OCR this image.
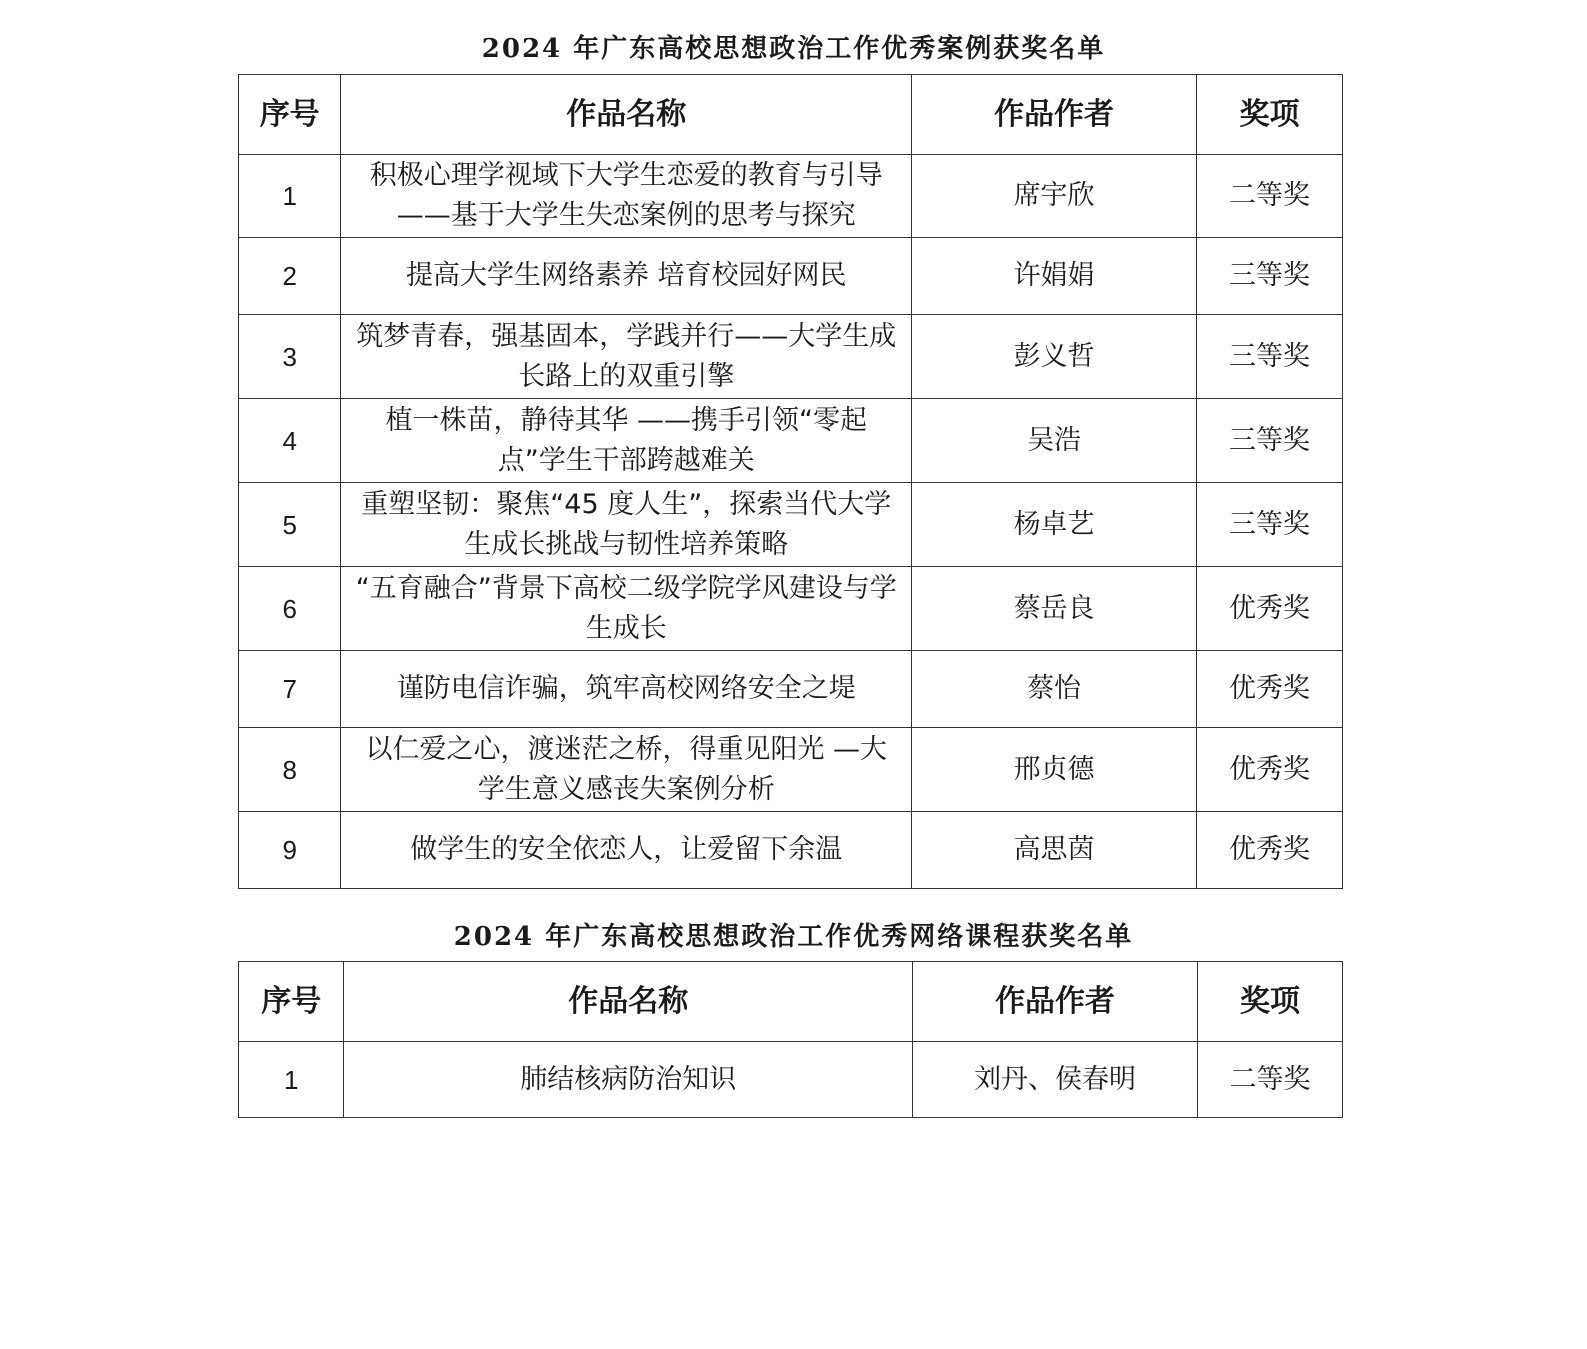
2024 年广东高校思想政治工作优秀案例获奖名单
序号	作品名称	作品作者	奖项
1	积极心理学视域下大学生恋爱的教育与引导——基于大学生失恋案例的思考与探究	席宇欣	二等奖
2	提高大学生网络素养 培育校园好网民	许娟娟	三等奖
3	筑梦青春，强基固本，学践并行——大学生成长路上的双重引擎	彭义哲	三等奖
4	植一株苗，静待其华 ——携手引领“零起点”学生干部跨越难关	吴浩	三等奖
5	重塑坚韧：聚焦“45 度人生”，探索当代大学生成长挑战与韧性培养策略	杨卓艺	三等奖
6	“五育融合”背景下高校二级学院学风建设与学生成长	蔡岳良	优秀奖
7	谨防电信诈骗，筑牢高校网络安全之堤	蔡怡	优秀奖
8	以仁爱之心，渡迷茫之桥，得重见阳光 —大学生意义感丧失案例分析	邢贞德	优秀奖
9	做学生的安全依恋人，让爱留下余温	高思茵	优秀奖
2024 年广东高校思想政治工作优秀网络课程获奖名单
序号	作品名称	作品作者	奖项
1	肺结核病防治知识	刘丹、侯春明	二等奖
